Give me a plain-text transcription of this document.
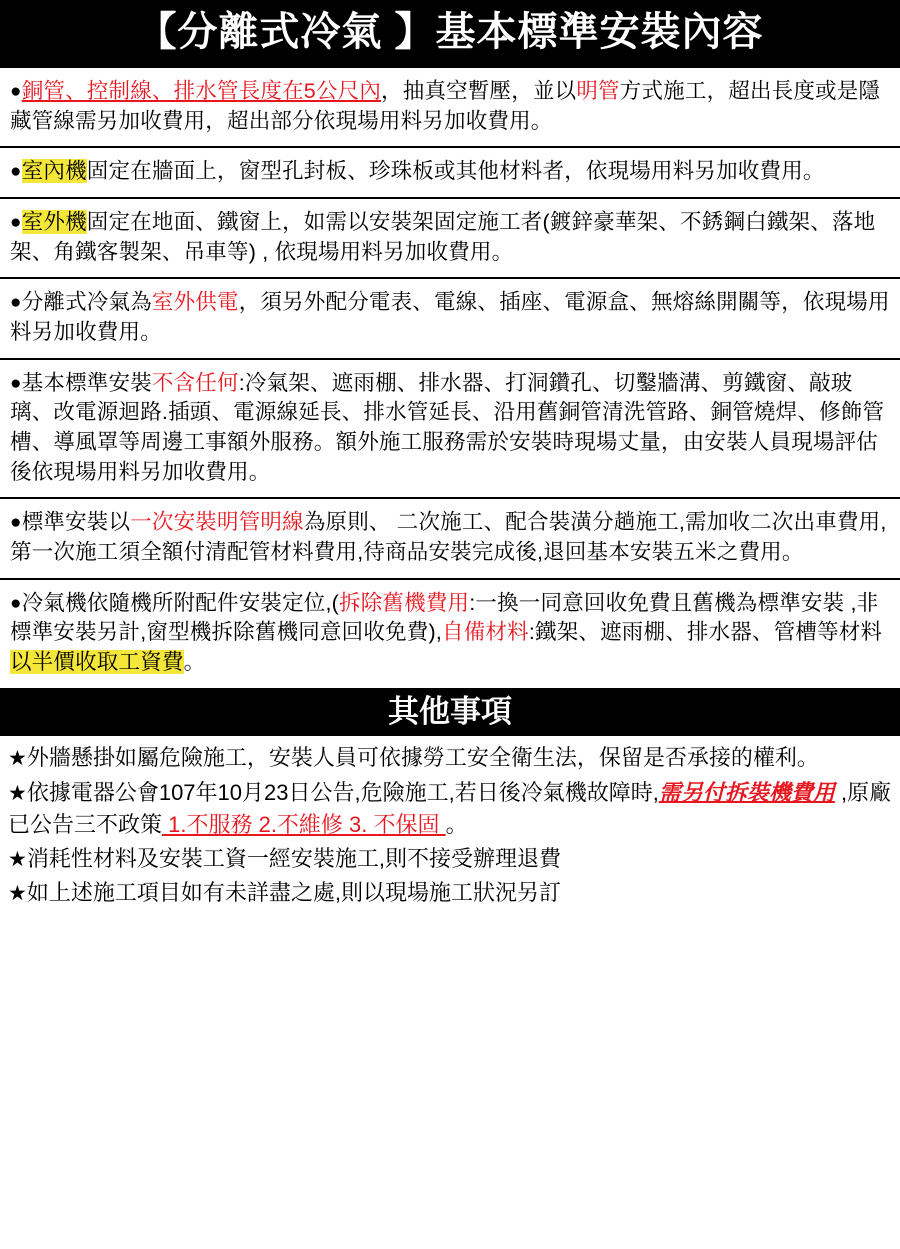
【分離式冷氣 】基本標準安裝內容
●銅管、控制線、排水管長度在5公尺內，抽真空暫壓，並以明管方式施工，超出長度或是隱藏管線需另加收費用，超出部分依現場用料另加收費用。
●室內機固定在牆面上，窗型孔封板、珍珠板或其他材料者，依現場用料另加收費用。
●室外機固定在地面、鐵窗上，如需以安裝架固定施工者(鍍鋅豪華架、不銹鋼白鐵架、落地架、角鐵客製架、吊車等) , 依現場用料另加收費用。
●分離式冷氣為室外供電，須另外配分電表、電線、插座、電源盒、無熔絲開關等，依現場用料另加收費用。
●基本標準安裝不含任何:冷氣架、遮雨棚、排水器、打洞鑽孔、切鑿牆溝、剪鐵窗、敲玻璃、改電源迴路.插頭、電源線延長、排水管延長、沿用舊銅管清洗管路、銅管燒焊、修飾管槽、導風罩等周邊工事額外服務。額外施工服務需於安裝時現場丈量，由安裝人員現場評估後依現場用料另加收費用。
●標準安裝以一次安裝明管明線為原則、 二次施工、配合裝潢分趟施工,需加收二次出車費用,第一次施工須全額付清配管材料費用,待商品安裝完成後,退回基本安裝五米之費用。
●冷氣機依隨機所附配件安裝定位,(拆除舊機費用:一換一同意回收免費且舊機為標準安裝 ,非標準安裝另計,窗型機拆除舊機同意回收免費),自備材料:鐵架、遮雨棚、排水器、管槽等材料以半價收取工資費。
其他事項
★外牆懸掛如屬危險施工，安裝人員可依據勞工安全衛生法，保留是否承接的權利。
★依據電器公會107年10月23日公告,危險施工,若日後冷氣機故障時,需另付拆裝機費用 ,原廠已公告三不政策 1.不服務 2.不維修 3. 不保固 。
★消耗性材料及安裝工資一經安裝施工,則不接受辦理退費
★如上述施工項目如有未詳盡之處,則以現場施工狀況另訂
